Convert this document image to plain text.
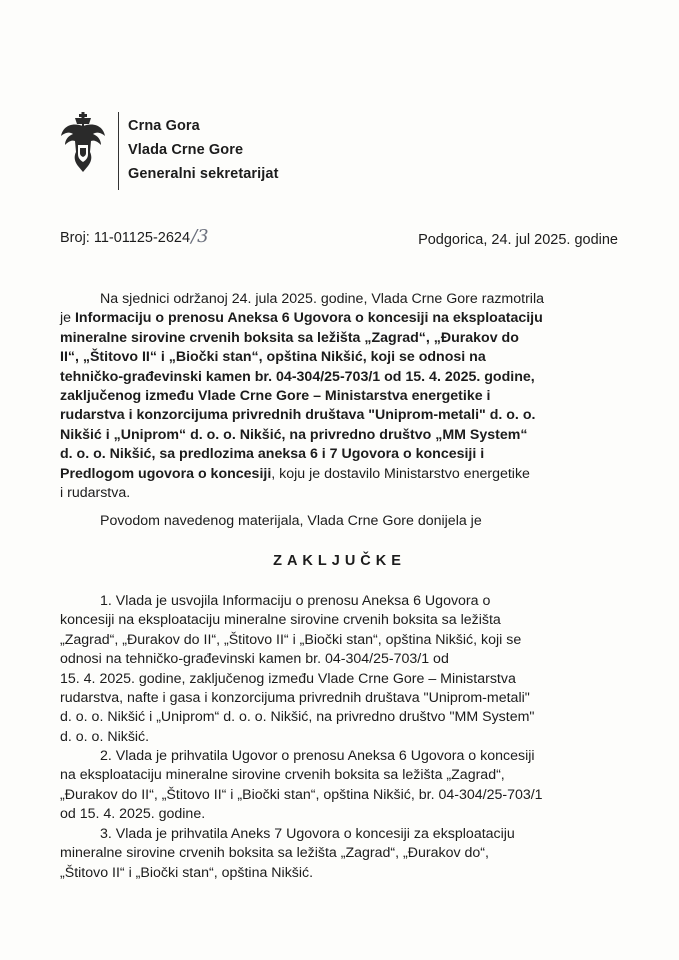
Crna Gora
Vlada Crne Gore
Generalni sekretarijat
Broj: 11-01125-2624/3	Podgorica, 24. jul 2025. godine
Na sjednici održanoj 24. jula 2025. godine, Vlada Crne Gore razmotrila
je Informaciju o prenosu Aneksa 6 Ugovora o koncesiji na eksploataciju
mineralne sirovine crvenih boksita sa ležišta „Zagrad“, „Đurakov do
II“, „Štitovo II“ i „Biočki stan“, opština Nikšić, koji se odnosi na
tehničko-građevinski kamen br. 04-304/25-703/1 od 15. 4. 2025. godine,
zaključenog između Vlade Crne Gore – Ministarstva energetike i
rudarstva i konzorcijuma privrednih društava "Uniprom-metali" d. o. o.
Nikšić i „Uniprom“ d. o. o. Nikšić, na privredno društvo „MM System“
d. o. o. Nikšić, sa predlozima aneksa 6 i 7 Ugovora o koncesiji i
Predlogom ugovora o koncesiji, koju je dostavilo Ministarstvo energetike
i rudarstva.
Povodom navedenog materijala, Vlada Crne Gore donijela je
ZAKLJUČKE
1. Vlada je usvojila Informaciju o prenosu Aneksa 6 Ugovora o
koncesiji na eksploataciju mineralne sirovine crvenih boksita sa ležišta
„Zagrad“, „Đurakov do II“, „Štitovo II“ i „Biočki stan“, opština Nikšić, koji se
odnosi na tehničko-građevinski kamen br. 04-304/25-703/1 od
15. 4. 2025. godine, zaključenog između Vlade Crne Gore – Ministarstva
rudarstva, nafte i gasa i konzorcijuma privrednih društava "Uniprom-metali"
d. o. o. Nikšić i „Uniprom“ d. o. o. Nikšić, na privredno društvo "MM System"
d. o. o. Nikšić.
2. Vlada je prihvatila Ugovor o prenosu Aneksa 6 Ugovora o koncesiji
na eksploataciju mineralne sirovine crvenih boksita sa ležišta „Zagrad“,
„Đurakov do II“, „Štitovo II“ i „Biočki stan“, opština Nikšić, br. 04-304/25-703/1
od 15. 4. 2025. godine.
3. Vlada je prihvatila Aneks 7 Ugovora o koncesiji za eksploataciju
mineralne sirovine crvenih boksita sa ležišta „Zagrad“, „Đurakov do“,
„Štitovo II“ i „Biočki stan“, opština Nikšić.
